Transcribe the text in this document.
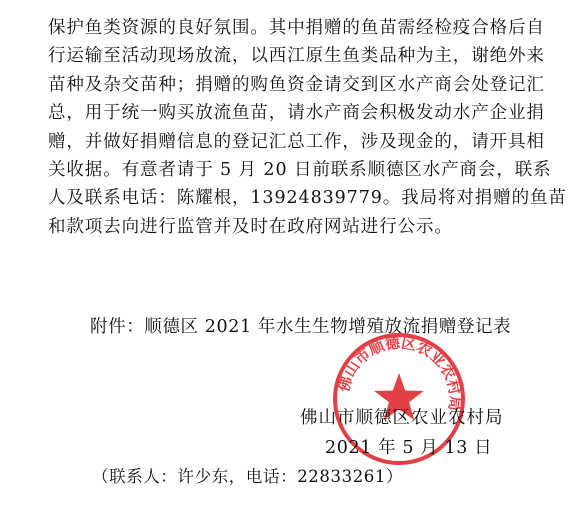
保护鱼类资源的良好氛围。其中捐赠的鱼苗需经检疫合格后自
行运输至活动现场放流，以西江原生鱼类品种为主，谢绝外来
苗种及杂交苗种；捐赠的购鱼资金请交到区水产商会处登记汇
总，用于统一购买放流鱼苗，请水产商会积极发动水产企业捐
赠，并做好捐赠信息的登记汇总工作，涉及现金的，请开具相
关收据。有意者请于 5 月 20 日前联系顺德区水产商会，联系
人及联系电话：陈耀根，13924839779。我局将对捐赠的鱼苗
和款项去向进行监管并及时在政府网站进行公示。
附件：顺德区 2021 年水生生物增殖放流捐赠登记表
佛山市顺德区农业农村局
佛山市顺德区农业农村局
2021 年 5 月 13 日
（联系人：许少东，电话：22833261）
